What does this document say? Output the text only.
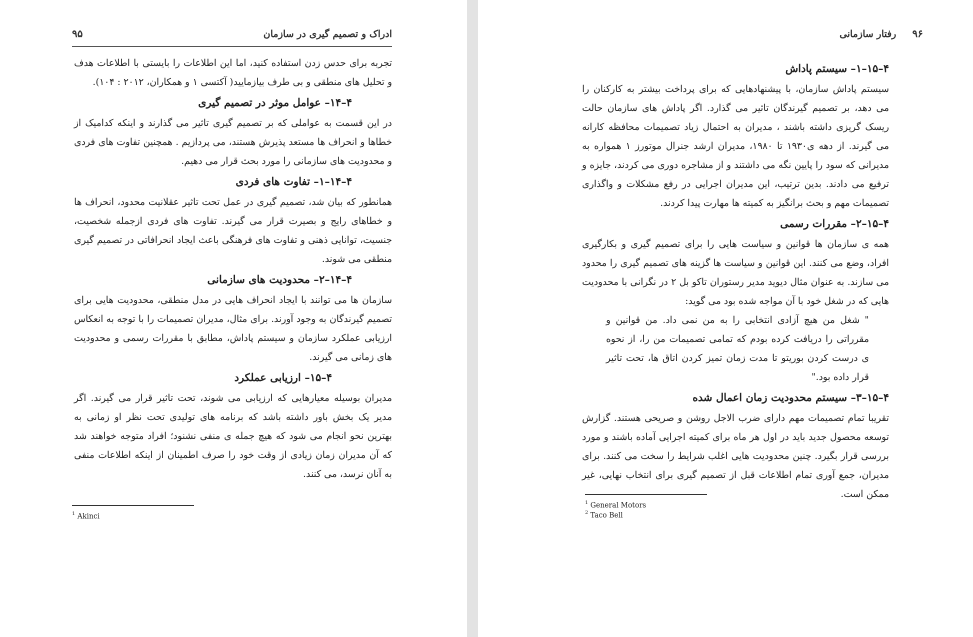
ادراک و تصمیم گیری در سازمان
۹۵

تجربه برای حدس زدن استفاده کنید، اما این اطلاعات را بایستی با اطلاعات هدف و تحلیل های منطقی و بی طرف بیازمایید( آکتسی ۱ و همکاران، ۲۰۱۲ : ۱۰۴).

۴–۱۴– عوامل موثر در تصمیم گیری

در این قسمت به عواملی که بر تصمیم گیری تاثیر می گذارند و اینکه کدامیک از خطاها و انحراف ها مستعد پذیرش هستند، می پردازیم . همچنین تفاوت های فردی و محدودیت های سازمانی را مورد بحث قرار می دهیم.

۴–۱۴–۱– تفاوت های فردی

همانطور که بیان شد، تصمیم گیری در عمل تحت تاثیر عقلانیت محدود، انحراف ها و خطاهای رایج و بصیرت قرار می گیرند. تفاوت های فردی ازجمله شخصیت، جنسیت، توانایی ذهنی و تفاوت های فرهنگی باعث ایجاد انحرافاتی در تصمیم گیری منطقی می شوند.

۴–۱۴–۲– محدودیت های سازمانی

سازمان ها می توانند با ایجاد انحراف هایی در مدل منطقی، محدودیت هایی برای تصمیم گیرندگان به وجود آورند. برای مثال، مدیران تصمیمات را با توجه به انعکاس ارزیابی عملکرد سازمان و سیستم پاداش، مطابق با مقررات رسمی و محدودیت های زمانی می گیرند.

۴–۱۵– ارزیابی عملکرد

مدیران بوسیله معیارهایی که ارزیابی می شوند، تحت تاثیر قرار می گیرند. اگر مدیر یک بخش باور داشته باشد که برنامه های تولیدی تحت نظر او زمانی به بهترین نحو انجام می شود که هیچ جمله ی منفی نشنود؛ افراد متوجه خواهند شد که آن مدیران زمان زیادی از وقت خود را صرف اطمینان از اینکه اطلاعات منفی به آنان نرسد، می کنند.

$^1$ Akinci
۹۶
رفتار سازمانی
۴–۱۵–۱– سیستم پاداش

سیستم پاداش سازمان، با پیشنهادهایی که برای پرداخت بیشتر به کارکنان را می دهد، بر تصمیم گیرندگان تاثیر می گذارد. اگر پاداش های سازمان حالت ریسک گریزی داشته باشند ، مدیران به احتمال زیاد تصمیمات محافظه کارانه می گیرند. از دهه ی۱۹۳۰ تا ۱۹۸۰، مدیران ارشد جنرال موتورز ۱ همواره به مدیرانی که سود را پایین نگه می داشتند و از مشاجره دوری می کردند، جایزه و ترفیع می دادند. بدین ترتیب، این مدیران اجرایی در رفع مشکلات و واگذاری تصمیمات مهم و بحث برانگیز به کمیته ها مهارت پیدا کردند.

۴–۱۵–۲– مقررات رسمی

همه ی سازمان ها قوانین و سیاست هایی را برای تصمیم گیری و بکارگیری افراد، وضع می کنند. این قوانین و سیاست ها گزینه های تصمیم گیری را محدود می سازند. به عنوان مثال دیوید مدیر رستوران تاکو بل ۲ در نگرانی با محدودیت هایی که در شغل خود با آن مواجه شده بود می گوید:

" شغل من هیچ آزادی انتخابی را به من نمی داد. من قوانین و مقرراتی را دریافت کرده بودم که تمامی تصمیمات من را، از نحوه ی درست کردن بوریتو تا مدت زمان تمیز کردن اتاق ها، تحت تاثیر قرار داده بود."
۴–۱۵–۳– سیستم محدودیت زمان اعمال شده

تقریبا تمام تصمیمات مهم دارای ضرب الاجل روشن و صریحی هستند. گزارش توسعه محصول جدید باید در اول هر ماه برای کمیته اجرایی آماده باشند و مورد بررسی قرار بگیرد. چنین محدودیت هایی اغلب شرایط را سخت می کنند. برای مدیران، جمع آوری تمام اطلاعات قبل از تصمیم گیری برای انتخاب نهایی، غیر ممکن است.

$^1$ General Motors
$^2$ Taco Bell
